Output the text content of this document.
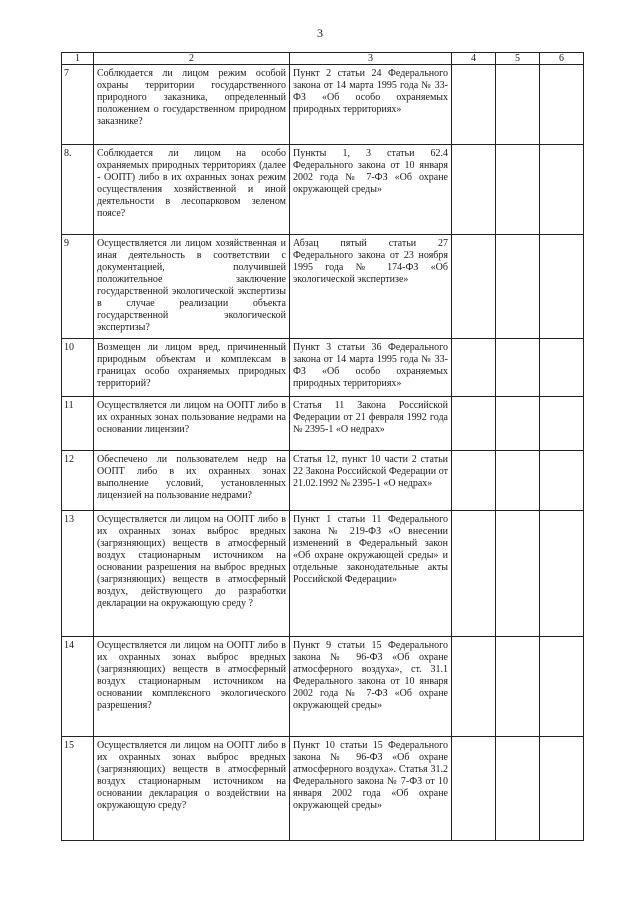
3
1	2	3	4	5	6

7	Соблюдается ли лицом режим особой охраны территории государственного природного заказника, определенный положением о государственном природном заказнике?	Пункт 2 статьи 24 Федерального закона от 14 марта 1995 года № 33-ФЗ «Об особо охраняемых природных территориях»			

8.	Соблюдается ли лицом на особо охраняемых природных территориях (далее - ООПТ) либо в их охранных зонах режим осуществления хозяйственной и иной деятельности в лесопарковом зеленом поясе?	Пункты 1, 3 статьи 62.4 Федерального закона от 10 января 2002 года № 7-ФЗ «Об охране окружающей среды»			

9	Осуществляется ли лицом хозяйственная и иная деятельность в соответствии с документацией, получившей положительное заключение государственной экологической экспертизы в случае реализации объекта государственной экологической экспертизы?	Абзац пятый статьи 27 Федерального закона от 23 ноября 1995 года № 174-ФЗ «Об экологической экспертизе»			

10	Возмещен ли лицом вред, причиненный природным объектам и комплексам в границах особо охраняемых природных территорий?	Пункт 3 статьи 36 Федерального закона от 14 марта 1995 года № 33-ФЗ «Об особо охраняемых природных территориях»			

11	Осуществляется ли лицом на ООПТ либо в их охранных зонах пользование недрами на основании лицензии?	Статья 11 Закона Российской Федерации от 21 февраля 1992 года № 2395-1 «О недрах»			

12	Обеспечено ли пользователем недр на ООПТ либо в их охранных зонах выполнение условий, установленных лицензией на пользование недрами?	Статья 12, пункт 10 части 2 статьи 22 Закона Российской Федерации от 21.02.1992 № 2395-1 «О недрах»			

13	Осуществляется ли лицом на ООПТ либо в их охранных зонах выброс вредных (загрязняющих) веществ в атмосферный воздух стационарным источником на основании разрешения на выброс вредных (загрязняющих) веществ в атмосферный воздух, действующего до разработки декларации на окружающую среду ?	Пункт 1 статьи 11 Федерального закона № 219-ФЗ «О внесении изменений в Федеральный закон «Об охране окружающей среды» и отдельные законодательные акты Российской Федерации»			

14	Осуществляется ли лицом на ООПТ либо в их охранных зонах выброс вредных (загрязняющих) веществ в атмосферный воздух стационарным источником на основании комплексного экологического разрешения?	Пункт 9 статьи 15 Федерального закона № 96-ФЗ «Об охране атмосферного воздуха», ст. 31.1 Федерального закона от 10 января 2002 года № 7-ФЗ «Об охране окружающей среды»			

15	Осуществляется ли лицом на ООПТ либо в их охранных зонах выброс вредных (загрязняющих) веществ в атмосферный воздух стационарным источником на основании декларация о воздействии на окружающую среду?	Пункт 10 статьи 15 Федерального закона № 96-ФЗ «Об охране атмосферного воздуха». Статья 31.2 Федерального закона № 7-ФЗ от 10 января 2002 года «Об охране окружающей среды»			
